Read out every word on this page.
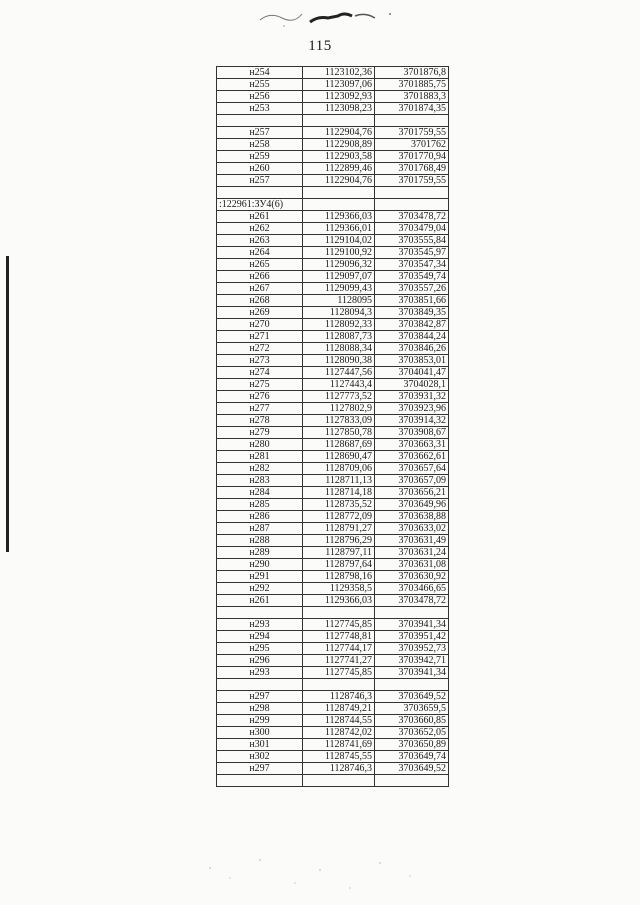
115
н254	1123102,36	3701876,8
н255	1123097,06	3701885,75
н256	1123092,93	3701883,3
н253	1123098,23	3701874,35

н257	1122904,76	3701759,55
н258	1122908,89	3701762
н259	1122903,58	3701770,94
н260	1122899,46	3701768,49
н257	1122904,76	3701759,55

:122961:ЗУ4(6)		
н261	1129366,03	3703478,72
н262	1129366,01	3703479,04
н263	1129104,02	3703555,84
н264	1129100,92	3703545,97
н265	1129096,32	3703547,34
н266	1129097,07	3703549,74
н267	1129099,43	3703557,26
н268	1128095	3703851,66
н269	1128094,3	3703849,35
н270	1128092,33	3703842,87
н271	1128087,73	3703844,24
н272	1128088,34	3703846,26
н273	1128090,38	3703853,01
н274	1127447,56	3704041,47
н275	1127443,4	3704028,1
н276	1127773,52	3703931,32
н277	1127802,9	3703923,96
н278	1127833,09	3703914,32
н279	1127850,78	3703908,67
н280	1128687,69	3703663,31
н281	1128690,47	3703662,61
н282	1128709,06	3703657,64
н283	1128711,13	3703657,09
н284	1128714,18	3703656,21
н285	1128735,52	3703649,96
н286	1128772,09	3703638,88
н287	1128791,27	3703633,02
н288	1128796,29	3703631,49
н289	1128797,11	3703631,24
н290	1128797,64	3703631,08
н291	1128798,16	3703630,92
н292	1129358,5	3703466,65
н261	1129366,03	3703478,72

н293	1127745,85	3703941,34
н294	1127748,81	3703951,42
н295	1127744,17	3703952,73
н296	1127741,27	3703942,71
н293	1127745,85	3703941,34

н297	1128746,3	3703649,52
н298	1128749,21	3703659,5
н299	1128744,55	3703660,85
н300	1128742,02	3703652,05
н301	1128741,69	3703650,89
н302	1128745,55	3703649,74
н297	1128746,3	3703649,52
